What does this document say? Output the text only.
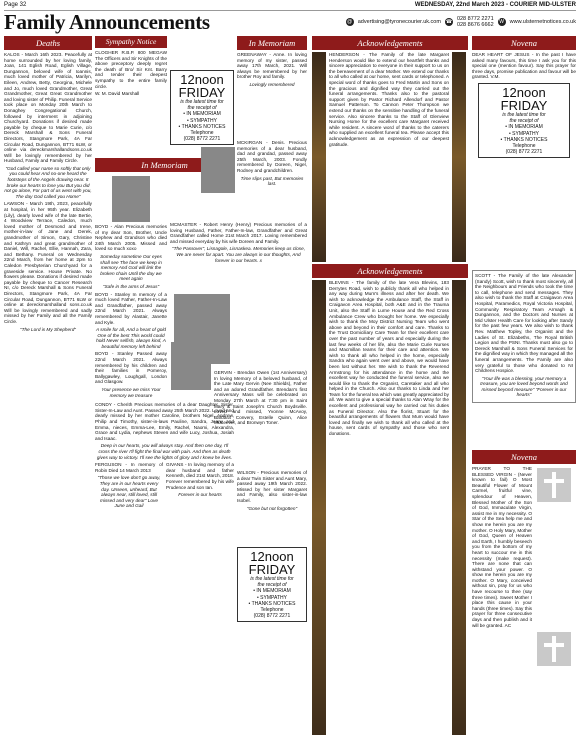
Page 32	WEDNESDAY, 22nd March 2023 - COURIER MID-ULSTER
Family Announcements	@ advertising@tyronecourier.uk.com ☎ 028 8772 2271
028 8676 6662	W www.ulsternetnotices.co.uk
Deaths

KALOS - March 16th 2023. Peacefully at home surrounded by her loving family, Joan, 141 Eglish Road, Eglish Village, Dungannon, beloved wife of Ioannis, much loved mother of Patricia, Marilyn, Eileen, Andrew, Betty, Georgina, Michele and Jo, much loved Grandmother, Great Grandmother, Great Great Grandmother and loving sister of Philip. Funeral Service took place on Monday 20th March to Donaghey Congregational Church, followed by interment in adjoining Churchyard. Donations if desired made payable by cheque to Marie Curie, c/o Dereck Marshall & Sons Funeral Directors, Stangmore Park, 4A Far Circular Road, Dungannon, BT71 6LW, or online via dereckmarshallandsons.co.uk Will be lovingly remembered by her Husband, Family and Family Circle.

"God called your name so softly that only you could hear And no-one heard the footsteps of the Angels drawing near. It broke our hearts to lose you But you did not go alone, For part of us went with you, The day God called you Home"

LAWSON - March 19th, 2023, peacefully at hospital, in her 95th year. Elizabeth (Lily), dearly loved wife of the late Bertie, 4 Woodview Terrace, Caledon, much loved mother of Desmond and Irene, mother-in-law of Jane and Derek, grandmother of Simon, Gary, Christine and Kathryn and great grandmother of Daniel, Will, Rachel, Ellie, Hannah, Zara, and Bethany. Funeral on Wednesday 22nd March, from her home at 2pm to Caledon Presbyterian Churchyard for a graveside service. House Private. No flowers please. Donations if desired made payable by cheque to Cancer Research NI, c/o Dereck Marshall & Sons Funeral Directors, Stangmore Park, 4A Far Circular Road, Dungannon, BT71 6LW or online at dereckmarshalland sons.co.uk Will be lovingly remembered and sadly missed by her Family and all the Family Circle.

"The Lord is My Shepherd"

Sympathy Notice

CLOGHER R.B.P. 800 MEGAW The Officers and Sir Knights of the above preceptory deeply regret the death of Bro/ Sir Knt. Barry and tender their deepest sympathy to the entire family circle.

W. M. David Marshall

12noon
FRIDAY
is the latest time for
the receipt of
• IN MEMORIAM
• SYMPATHY
• THANKS NOTICES
Telephone
(028) 8772 2271
In Memoriam

BOYD - Alan Precious memories of my dear Son, Brother, Uncle Nephew and Grandson who died 24th March 2005. Missed and loved so much xoxo

Someday sometime Our eyes shall see The face we keep in memory And God will link the broken chain Until the day we meet again

"Safe in the arms of Jesus"

BOYD - Stanley In memory of a much loved Father, Father-In-Law and Grandfather, passed away 22nd March 2021. Always remembered by Alastair, Janette and Kyle.

A smile for all, And a heart of gold One of the best This world could hold Never selfish, always kind, A beautiful memory left behind

BOYD - Stanley Passed away 22nd March 2021. Always remembered by his children and their families in Pomeroy, Ballygawley, Loughgall, London and Glasgow.

Your presence we miss Your memory we treasure

CONDY - Cherith Precious memories of a dear Daughter, Sister, Sister-In-Law and Aunt. Passed away 25th March 2022. Loved and dearly missed by her mother Caroline, brothers Nigel, Andrew, Philip and Timothy, sister-in-laws Pauline, Sandra, Jenny and Emma, nieces, Emma-Lee, Emily, Rachel, Naomi, Alexandra, Grace and Lydia, nephews Steven and wife Lucy, Joshua, Josiah and Isaac.

Deep in our hearts, you will always stay. And then one day, I'll cross the river I'll fight the final war with pain. And then as death gives way to victory. I'll see the lights of glory and I knew he lives.

FERGUSON - In memory of Robin Died 14 March 2013

"Those we love don't go away, They are in our hearts every day. Unseen, unheard, But always near, still loved, still missed and very dear" Love June and Gail

GIVANS - In loving memory of a dear husband and father Kenneth, died 21st March, 2018. Forever remembered by his wife Prudence and son Ian.

Forever in our hearts

In Memoriam

GREENAWAY - Anne. In loving memory of my sister, passed away 17th March, 2021. Will always be remembered by her brother Roy and family.

Lovingly remembered

MCKIRGAN - Denis. Precious memories of a dear husband, dad and grandad, passed away 25th March, 2003. Fondly remembered by Doreen, Nigel, Rodney and grandchildren.

Time slips past, But memories last.

MCMASTER - Robert Henry (Henry) Precious memories of a loving Husband, Father, Father-In-law, Grandfather and Great Grandfather called Home 21st March 2017. Loving remembered and missed everyday by his wife Doreen and Family.

"The Passover", Lisnagole, Lisnaskea. Memories keep us close, We are never far apart. You are always in our thoughts, And forever in our hearts. x

GERVIN - Brendan Owen (1st Anniversary) In loving Memory of a beloved husband, of the Late Mary Gervin (Nee Shields), Father and an adored Grandfather. Brendan's first Anniversary Mass will be celebrated on Monday 27th March at 7:30 pm in Saint Mary & Saint Joseph's Church Boydsville. Loved and missed, Yvonne McAvoy, Barbara Convery, Estelle Quinn, Alice McKeever, and Bronwyn Toner.

WILSON - Precious memories of a dear Twin Sister and Aunt Mary, passed away 19th March 2022. Missed by her sister Margaret and Family, also sister-in-law Isobel.

"Gone but not forgotten"

12noon
FRIDAY
is the latest time for
the receipt of
• IN MEMORIAM
• SYMPATHY
• THANKS NOTICES
Telephone
(028) 8772 2271
Acknowledgements

HENDERSON - The Family of the late Margaret Henderson would like to extend our heartfelt thanks and sincere appreciation to everyone in their support to us on the bereavement of a dear Mother. We extend our thanks to all who called at our home, sent cards or telephoned. A special word of thanks goes to Fred Martin and Sons on the gracious and dignified way they carried out the funeral arrangements. Thanks also to the pastoral support given by Pastor Richard Allendorf and Pastor Samuel Patterson. To Cannon Peter Thompson we extend our thanks on the sensitive handling of the funeral service. Also sincere thanks to the Staff of Glenview Nursing Home for the excellent care Margaret received while resident. A sincere word of thanks to the caterers who supplied an excellent funeral tea. Please accept this acknowledgement as an expression of our deepest gratitude.

Acknowledgements

BLEVINS - The family of the late Vera Blevins, 183 Derrytes Road, wish to publicly thank all who helped in any way during Mum's illness and after her death. We wish to acknowledge the Ambulance Staff, the Staff in Craigavon Area Hospital, both A&E and in the Trauma Unit, also the Staff in Lurne House and the Red Cross Ambulance Crew who brought her home. We especially wish to thank the Moy District Nursing Team who went above and beyond in their comfort and care. Thanks to the Trust Domiciliary Care Team for their excellent care over the past number of years and especially during the last few weeks of her life, also the Marie Curie Nurses and Macmillan teams for their care and attention. We wish to thank all who helped in the home, especially Sandra who again went over and above, we would have been lost without her. We wish to thank the Reverend Armstrong for his attendance in the home and the excellent way he conducted the funeral service, also we would like to thank the Organist, Caretaker and all who helped in the Church. Also our thanks to Linda and her Team for the funeral tea which was greatly appreciated by all. We want to give a special thanks to Alan Wray for the excellent and professional way he carried out his duties as Funeral Director. Also the florist, Stuart for the beautiful arrangements of flowers that Mum would have loved and finally we wish to thank all who called at the house, sent cards of sympathy and those who sent donations.

Novena

DEAR HEART OF JESUS - In the past I have asked many favours, this time I ask you for this special one (mention favour). Say this prayer for three days, promise publication and favour will be granted. V.M.

12noon
FRIDAY
is the latest time for
the receipt of
• IN MEMORIAM
• SYMPATHY
• THANKS NOTICES
Telephone
(028) 8772 2271

SCOTT - The Family of the late Alexander (Sandy) Scott, wish to thank most sincerely, all the Neighbours and Friends who took the time to call, telephone and send messages. They also wish to thank the Staff at Craigavon Area Hospital, Paramedics, Royal Victoria Hospital, Community Respiratory Team Armagh & Dungannon, and the Doctors and Nurses at Mid Ulster Health Care for looking after Sandy for the past few years. We also wish to thank Rev. Matthew Topley, the Organist and the Ladies of St. Elizabeths, The Royal British Legion and the PSNI. Thanks must also go to Dereck Marshall & Sons Funeral Services for the dignified way in which they managed all the funeral arrangements. The Family are also very grateful to those who donated to NI Childrens Hospice.

"Your life was a blessing, your memory a treasure, you are loved beyond words and missed beyond measure" "Forever in our hearts"

Novena

PRAYER TO THE BLESSED VIRGIN - (Never known to fail) O Most Beautiful Flower of Mount Carmel, fruitful vine, splendour of Heaven, Blessed Mother of the Son of God, Immaculate Virgin, assist me in my necessity. O Star of the Sea help me and show me herein you are my mother. O Holy Mary, Mother of God, Queen of Heaven and Earth, I humbly beseech you from the bottom of my heart to succour me in this necessity (make request). There are none that can withstand your power. O show me herein you are my mother. O Mary, conceived without sin, pray for us who have recourse to thee (say three times). Sweet Mother I place this cause in your hands (three times). Say this prayer for three consecutive days and then publish and it will be granted. AC
